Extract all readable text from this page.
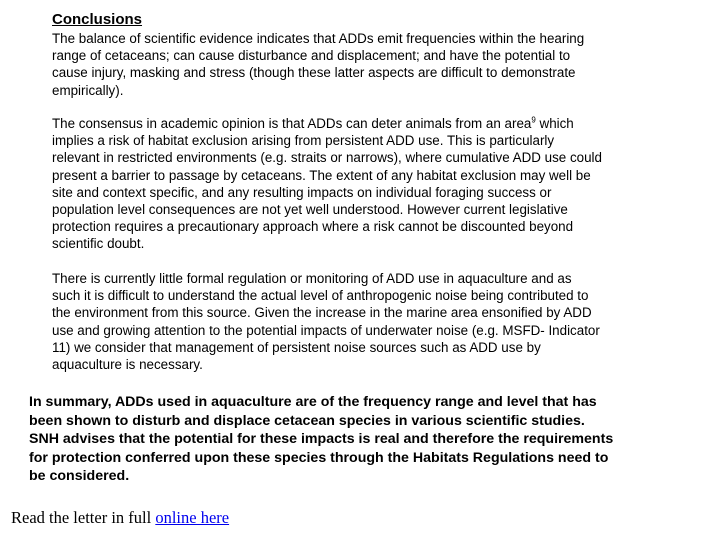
Conclusions

The balance of scientific evidence indicates that ADDs emit frequencies within the hearing
range of cetaceans; can cause disturbance and displacement; and have the potential to
cause injury, masking and stress (though these latter aspects are difficult to demonstrate
empirically).

The consensus in academic opinion is that ADDs can deter animals from an area$^9$ which
implies a risk of habitat exclusion arising from persistent ADD use. This is particularly
relevant in restricted environments (e.g. straits or narrows), where cumulative ADD use could
present a barrier to passage by cetaceans. The extent of any habitat exclusion may well be
site and context specific, and any resulting impacts on individual foraging success or
population level consequences are not yet well understood. However current legislative
protection requires a precautionary approach where a risk cannot be discounted beyond
scientific doubt.

There is currently little formal regulation or monitoring of ADD use in aquaculture and as
such it is difficult to understand the actual level of anthropogenic noise being contributed to
the environment from this source. Given the increase in the marine area ensonified by ADD
use and growing attention to the potential impacts of underwater noise (e.g. MSFD- Indicator
11) we consider that management of persistent noise sources such as ADD use by
aquaculture is necessary.

In summary, ADDs used in aquaculture are of the frequency range and level that has
been shown to disturb and displace cetacean species in various scientific studies.
SNH advises that the potential for these impacts is real and therefore the requirements
for protection conferred upon these species through the Habitats Regulations need to
be considered.

Read the letter in full online here
